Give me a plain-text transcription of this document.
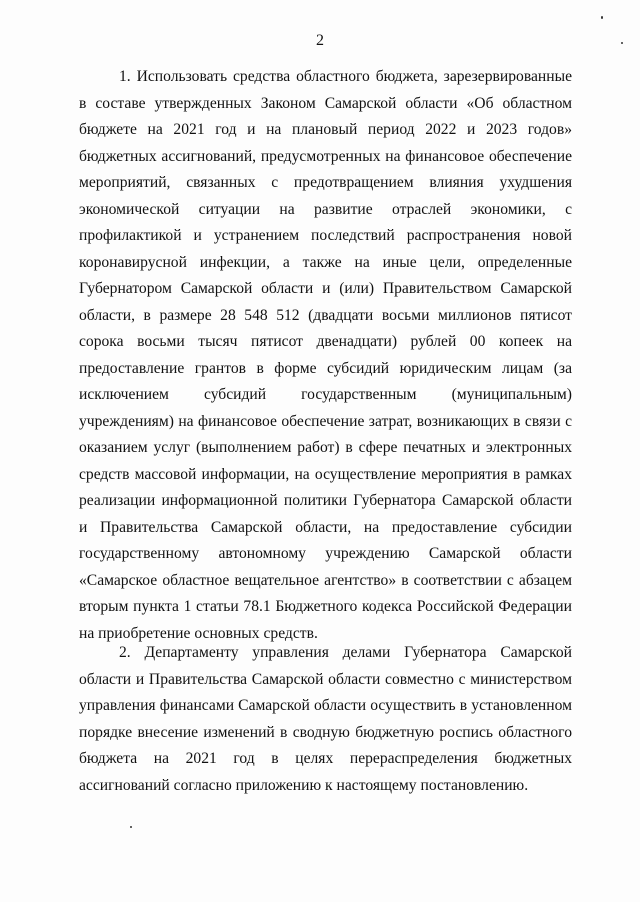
2

1. Использовать средства областного бюджета, зарезервированные в составе утвержденных Законом Самарской области «Об областном бюджете на 2021 год и на плановый период 2022 и 2023 годов» бюджетных ассигнований, предусмотренных на финансовое обеспечение мероприятий, связанных с предотвращением влияния ухудшения экономической ситуации на развитие отраслей экономики, с профилактикой и устранением последствий распространения новой коронавирусной инфекции, а также на иные цели, определенные Губернатором Самарской области и (или) Правительством Самарской области, в размере 28 548 512 (двадцати восьми миллионов пятисот сорока восьми тысяч пятисот двенадцати) рублей 00 копеек на предоставление грантов в форме субсидий юридическим лицам (за исключением субсидий государственным (муниципальным) учреждениям) на финансовое обеспечение затрат, возникающих в связи с оказанием услуг (выполнением работ) в сфере печатных и электронных средств массовой информации, на осуществление мероприятия в рамках реализации информационной политики Губернатора Самарской области и Правительства Самарской области, на предоставление субсидии государственному автономному учреждению Самарской области «Самарское областное вещательное агентство» в соответствии с абзацем вторым пункта 1 статьи 78.1 Бюджетного кодекса Российской Федерации на приобретение основных средств.

2. Департаменту управления делами Губернатора Самарской области и Правительства Самарской области совместно с министерством управления финансами Самарской области осуществить в установленном порядке внесение изменений в сводную бюджетную роспись областного бюджета на 2021 год в целях перераспределения бюджетных ассигнований согласно приложению к настоящему постановлению.
